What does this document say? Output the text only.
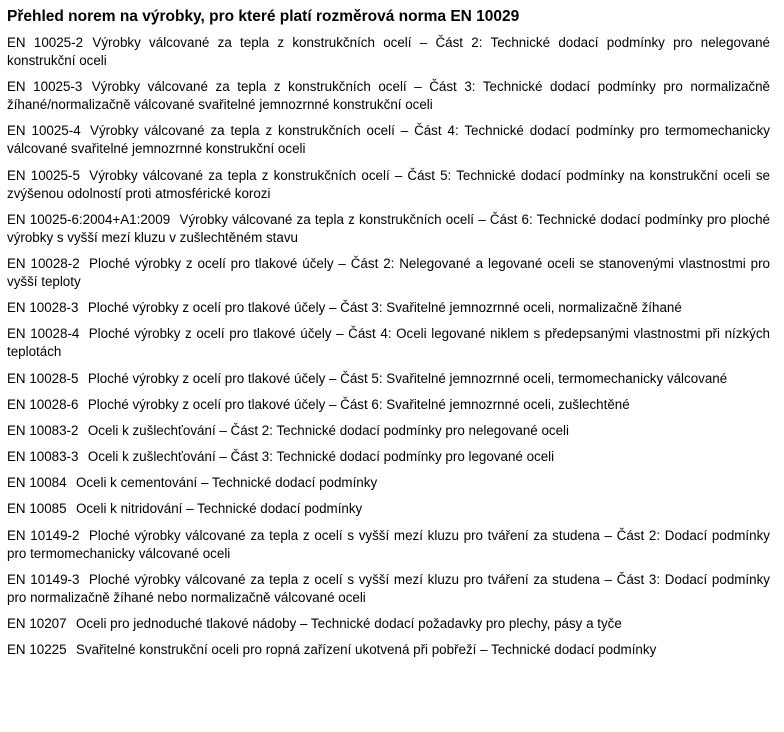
Přehled norem na výrobky, pro které platí rozměrová norma EN 10029
EN 10025-2 Výrobky válcované za tepla z konstrukčních ocelí – Část 2: Technické dodací podmínky pro nelegované konstrukční oceli
EN 10025-3 Výrobky válcované za tepla z konstrukčních ocelí – Část 3: Technické dodací podmínky pro normalizačně žíhané/normalizačně válcované svařitelné jemnozrnné konstrukční oceli
EN 10025-4 Výrobky válcované za tepla z konstrukčních ocelí – Část 4: Technické dodací podmínky pro termomechanicky válcované svařitelné jemnozrnné konstrukční oceli
EN 10025-5 Výrobky válcované za tepla z konstrukčních ocelí – Část 5: Technické dodací podmínky na konstrukční oceli se zvýšenou odolností proti atmosférické korozi
EN 10025-6:2004+A1:2009 Výrobky válcované za tepla z konstrukčních ocelí – Část 6: Technické dodací podmínky pro ploché výrobky s vyšší mezí kluzu v zušlechtěném stavu
EN 10028-2 Ploché výrobky z ocelí pro tlakové účely – Část 2: Nelegované a legované oceli se stanovenými vlastnostmi pro vyšší teploty
EN 10028-3 Ploché výrobky z ocelí pro tlakové účely – Část 3: Svařitelné jemnozrnné oceli, normalizačně žíhané
EN 10028-4 Ploché výrobky z ocelí pro tlakové účely – Část 4: Oceli legované niklem s předepsanými vlastnostmi při nízkých teplotách
EN 10028-5 Ploché výrobky z ocelí pro tlakové účely – Část 5: Svařitelné jemnozrnné oceli, termomechanicky válcované
EN 10028-6 Ploché výrobky z ocelí pro tlakové účely – Část 6: Svařitelné jemnozrnné oceli, zušlechtěné
EN 10083-2 Oceli k zušlechťování – Část 2: Technické dodací podmínky pro nelegované oceli
EN 10083-3 Oceli k zušlechťování – Část 3: Technické dodací podmínky pro legované oceli
EN 10084 Oceli k cementování – Technické dodací podmínky
EN 10085 Oceli k nitridování – Technické dodací podmínky
EN 10149-2 Ploché výrobky válcované za tepla z ocelí s vyšší mezí kluzu pro tváření za studena – Část 2: Dodací podmínky pro termomechanicky válcované oceli
EN 10149-3 Ploché výrobky válcované za tepla z ocelí s vyšší mezí kluzu pro tváření za studena – Část 3: Dodací podmínky pro normalizačně žíhané nebo normalizačně válcované oceli
EN 10207 Oceli pro jednoduché tlakové nádoby – Technické dodací požadavky pro plechy, pásy a tyče
EN 10225 Svařitelné konstrukční oceli pro ropná zařízení ukotvená při pobřeží – Technické dodací podmínky
